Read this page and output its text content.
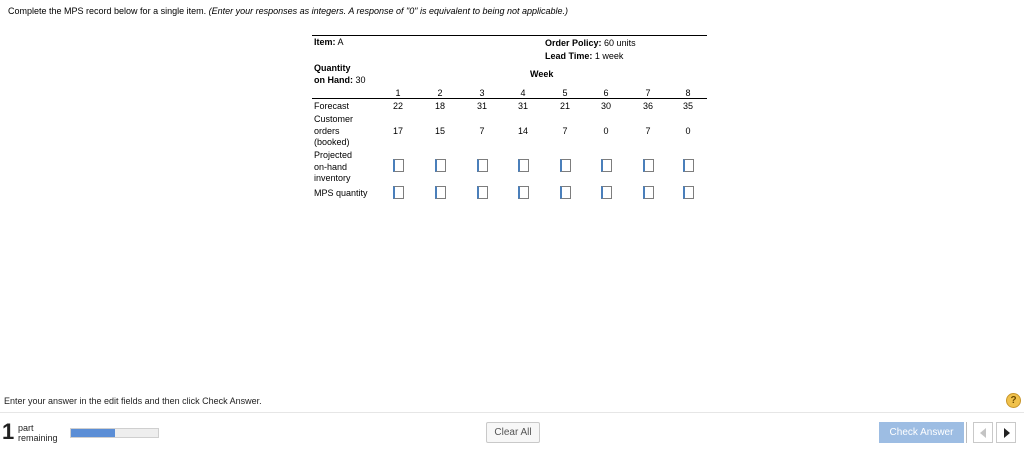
Complete the MPS record below for a single item. (Enter your responses as integers. A response of "0" is equivalent to being not applicable.)
Item: A	Order Policy: 60 units
Lead Time: 1 week
Quantity
on Hand: 30
Week
1	2	3	4	5	6	7	8
Forecast	22	18	31	31	21	30	36	35
Customer
orders
(booked)
17	15	7	14	7	0	7	0
Projected
on-hand
inventory
MPS quantity
Enter your answer in the edit fields and then click Check Answer.	?
1 part
remaining	Clear All	Check Answer
